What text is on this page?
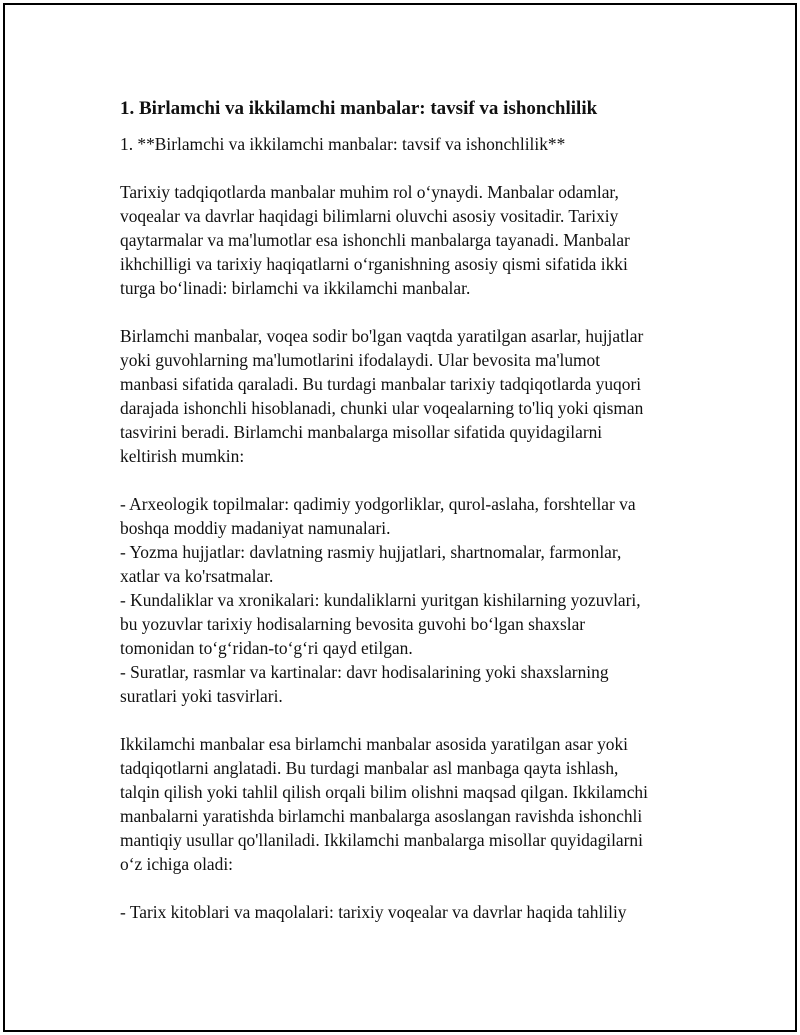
1. Birlamchi va ikkilamchi manbalar: tavsif va ishonchlilik
1. **Birlamchi va ikkilamchi manbalar: tavsif va ishonchlilik**
Tarixiy tadqiqotlarda manbalar muhim rol oʻynaydi. Manbalar odamlar,
voqealar va davrlar haqidagi bilimlarni oluvchi asosiy vositadir. Tarixiy
qaytarmalar va ma'lumotlar esa ishonchli manbalarga tayanadi. Manbalar
ikhchilligi va tarixiy haqiqatlarni oʻrganishning asosiy qismi sifatida ikki
turga boʻlinadi: birlamchi va ikkilamchi manbalar.
Birlamchi manbalar, voqea sodir bo'lgan vaqtda yaratilgan asarlar, hujjatlar
yoki guvohlarning ma'lumotlarini ifodalaydi. Ular bevosita ma'lumot
manbasi sifatida qaraladi. Bu turdagi manbalar tarixiy tadqiqotlarda yuqori
darajada ishonchli hisoblanadi, chunki ular voqealarning to'liq yoki qisman
tasvirini beradi. Birlamchi manbalarga misollar sifatida quyidagilarni
keltirish mumkin:
- Arxeologik topilmalar: qadimiy yodgorliklar, qurol-aslaha, forshtellar va
boshqa moddiy madaniyat namunalari.
- Yozma hujjatlar: davlatning rasmiy hujjatlari, shartnomalar, farmonlar,
xatlar va ko'rsatmalar.
- Kundaliklar va xronikalari: kundaliklarni yuritgan kishilarning yozuvlari,
bu yozuvlar tarixiy hodisalarning bevosita guvohi boʻlgan shaxslar
tomonidan toʻgʻridan-toʻgʻri qayd etilgan.
- Suratlar, rasmlar va kartinalar: davr hodisalarining yoki shaxslarning
suratlari yoki tasvirlari.
Ikkilamchi manbalar esa birlamchi manbalar asosida yaratilgan asar yoki
tadqiqotlarni anglatadi. Bu turdagi manbalar asl manbaga qayta ishlash,
talqin qilish yoki tahlil qilish orqali bilim olishni maqsad qilgan. Ikkilamchi
manbalarni yaratishda birlamchi manbalarga asoslangan ravishda ishonchli
mantiqiy usullar qo'llaniladi. Ikkilamchi manbalarga misollar quyidagilarni
oʻz ichiga oladi:
- Tarix kitoblari va maqolalari: tarixiy voqealar va davrlar haqida tahliliy
